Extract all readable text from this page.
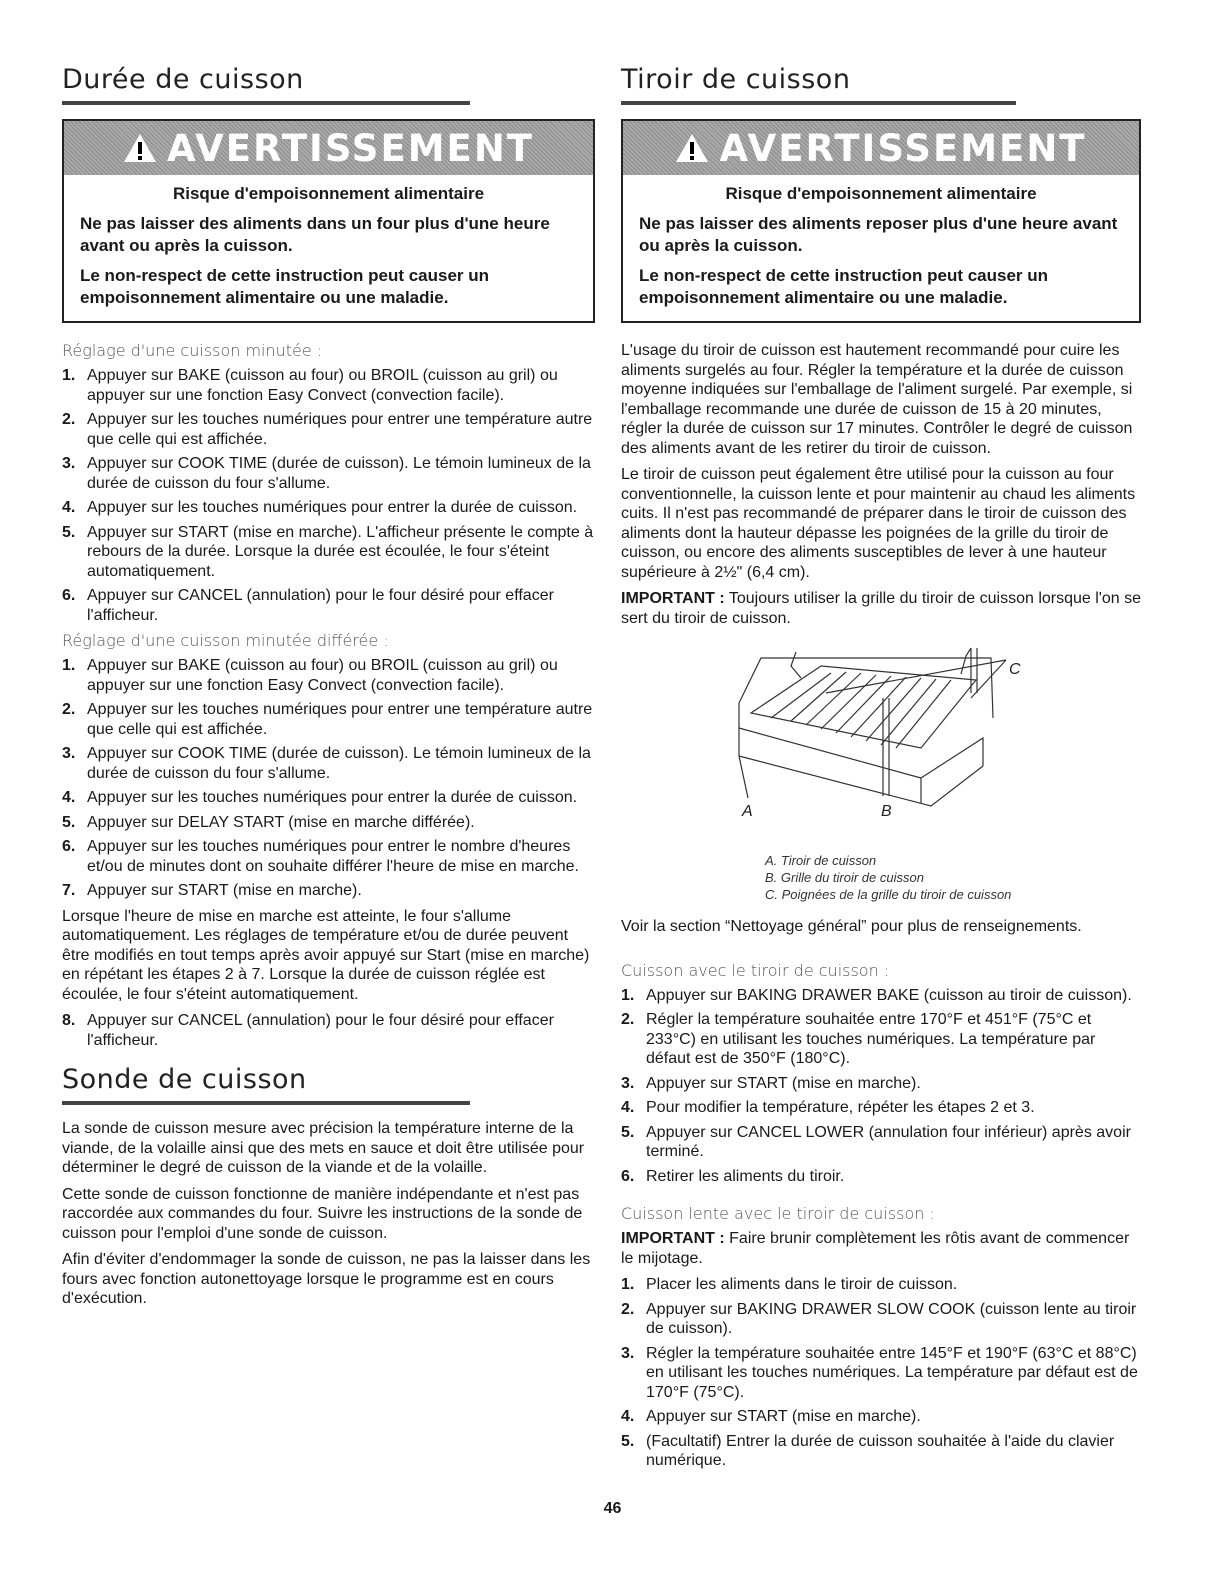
Durée de cuisson
AVERTISSEMENT
Risque d'empoisonnement alimentaire

Ne pas laisser des aliments dans un four plus d'une heure avant ou après la cuisson.

Le non-respect de cette instruction peut causer un empoisonnement alimentaire ou une maladie.

Réglage d'une cuisson minutée :
1. Appuyer sur BAKE (cuisson au four) ou BROIL (cuisson au gril) ou appuyer sur une fonction Easy Convect (convection facile).
2. Appuyer sur les touches numériques pour entrer une température autre que celle qui est affichée.
3. Appuyer sur COOK TIME (durée de cuisson). Le témoin lumineux de la durée de cuisson du four s'allume.
4. Appuyer sur les touches numériques pour entrer la durée de cuisson.
5. Appuyer sur START (mise en marche). L'afficheur présente le compte à rebours de la durée. Lorsque la durée est écoulée, le four s'éteint automatiquement.
6. Appuyer sur CANCEL (annulation) pour le four désiré pour effacer l'afficheur.
Réglage d'une cuisson minutée différée :
1. Appuyer sur BAKE (cuisson au four) ou BROIL (cuisson au gril) ou appuyer sur une fonction Easy Convect (convection facile).
2. Appuyer sur les touches numériques pour entrer une température autre que celle qui est affichée.
3. Appuyer sur COOK TIME (durée de cuisson). Le témoin lumineux de la durée de cuisson du four s'allume.
4. Appuyer sur les touches numériques pour entrer la durée de cuisson.
5. Appuyer sur DELAY START (mise en marche différée).
6. Appuyer sur les touches numériques pour entrer le nombre d'heures et/ou de minutes dont on souhaite différer l'heure de mise en marche.
7. Appuyer sur START (mise en marche).

Lorsque l'heure de mise en marche est atteinte, le four s'allume automatiquement. Les réglages de température et/ou de durée peuvent être modifiés en tout temps après avoir appuyé sur Start (mise en marche) en répétant les étapes 2 à 7. Lorsque la durée de cuisson réglée est écoulée, le four s'éteint automatiquement.

8. Appuyer sur CANCEL (annulation) pour le four désiré pour effacer l'afficheur.
Sonde de cuisson

La sonde de cuisson mesure avec précision la température interne de la viande, de la volaille ainsi que des mets en sauce et doit être utilisée pour déterminer le degré de cuisson de la viande et de la volaille.

Cette sonde de cuisson fonctionne de manière indépendante et n'est pas raccordée aux commandes du four. Suivre les instructions de la sonde de cuisson pour l'emploi d'une sonde de cuisson.

Afin d'éviter d'endommager la sonde de cuisson, ne pas la laisser dans les fours avec fonction autonettoyage lorsque le programme est en cours d'exécution.

Tiroir de cuisson
AVERTISSEMENT
Risque d'empoisonnement alimentaire

Ne pas laisser des aliments reposer plus d'une heure avant ou après la cuisson.

Le non-respect de cette instruction peut causer un empoisonnement alimentaire ou une maladie.

L'usage du tiroir de cuisson est hautement recommandé pour cuire les aliments surgelés au four. Régler la température et la durée de cuisson moyenne indiquées sur l'emballage de l'aliment surgelé. Par exemple, si l'emballage recommande une durée de cuisson de 15 à 20 minutes, régler la durée de cuisson sur 17 minutes. Contrôler le degré de cuisson des aliments avant de les retirer du tiroir de cuisson.

Le tiroir de cuisson peut également être utilisé pour la cuisson au four conventionnelle, la cuisson lente et pour maintenir au chaud les aliments cuits. Il n'est pas recommandé de préparer dans le tiroir de cuisson des aliments dont la hauteur dépasse les poignées de la grille du tiroir de cuisson, ou encore des aliments susceptibles de lever à une hauteur supérieure à 2½" (6,4 cm).

IMPORTANT : Toujours utiliser la grille du tiroir de cuisson lorsque l'on se sert du tiroir de cuisson.

C
A	B
A. Tiroir de cuisson
B. Grille du tiroir de cuisson
C. Poignées de la grille du tiroir de cuisson

Voir la section “Nettoyage général” pour plus de renseignements.

Cuisson avec le tiroir de cuisson :
1. Appuyer sur BAKING DRAWER BAKE (cuisson au tiroir de cuisson).
2. Régler la température souhaitée entre 170°F et 451°F (75°C et 233°C) en utilisant les touches numériques. La température par défaut est de 350°F (180°C).
3. Appuyer sur START (mise en marche).
4. Pour modifier la température, répéter les étapes 2 et 3.
5. Appuyer sur CANCEL LOWER (annulation four inférieur) après avoir terminé.
6. Retirer les aliments du tiroir.
Cuisson lente avec le tiroir de cuisson :

IMPORTANT : Faire brunir complètement les rôtis avant de commencer le mijotage.

1. Placer les aliments dans le tiroir de cuisson.
2. Appuyer sur BAKING DRAWER SLOW COOK (cuisson lente au tiroir de cuisson).
3. Régler la température souhaitée entre 145°F et 190°F (63°C et 88°C) en utilisant les touches numériques. La température par défaut est de 170°F (75°C).
4. Appuyer sur START (mise en marche).
5. (Facultatif) Entrer la durée de cuisson souhaitée à l'aide du clavier numérique.
46
